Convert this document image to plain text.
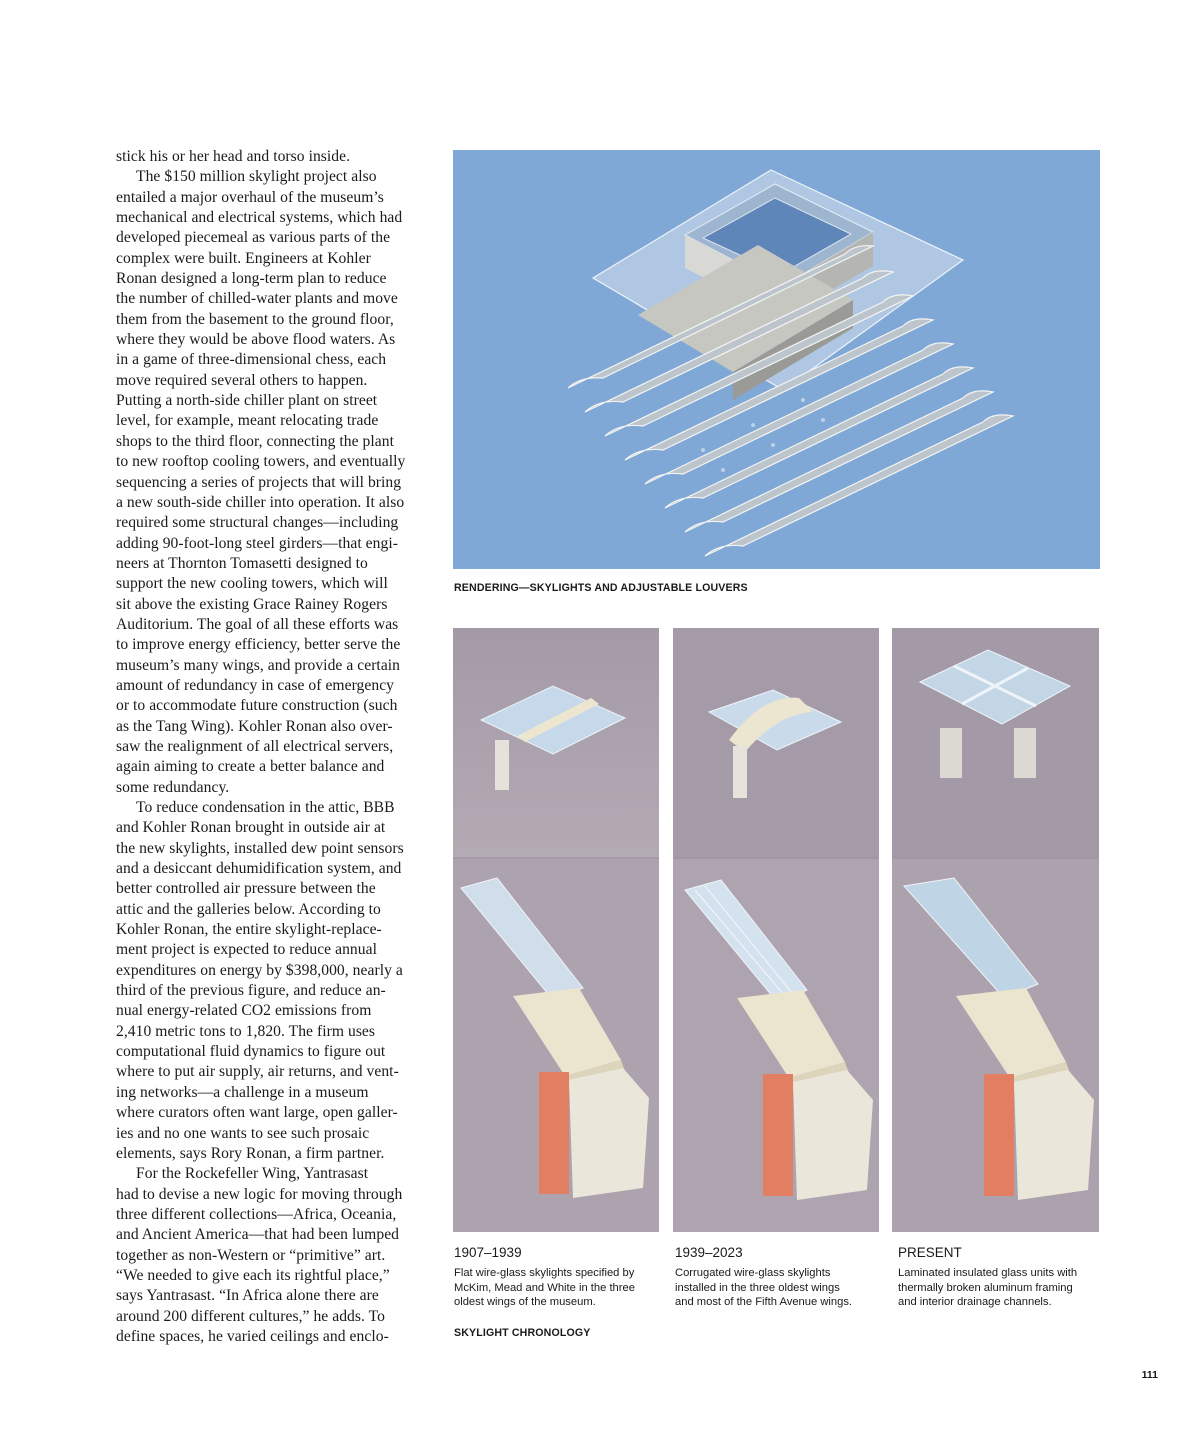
stick his or her head and torso inside.
The $150 million skylight project also
entailed a major overhaul of the museum’s
mechanical and electrical systems, which had
developed piecemeal as various parts of the
complex were built. Engineers at Kohler
Ronan designed a long-term plan to reduce
the number of chilled-water plants and move
them from the basement to the ground floor,
where they would be above flood waters. As
in a game of three-dimensional chess, each
move required several others to happen.
Putting a north-side chiller plant on street
level, for example, meant relocating trade
shops to the third floor, connecting the plant
to new rooftop cooling towers, and eventually
sequencing a series of projects that will bring
a new south-side chiller into operation. It also
required some structural changes—including
adding 90-foot-long steel girders—that engi-
neers at Thornton Tomasetti designed to
support the new cooling towers, which will
sit above the existing Grace Rainey Rogers
Auditorium. The goal of all these efforts was
to improve energy efficiency, better serve the
museum’s many wings, and provide a certain
amount of redundancy in case of emergency
or to accommodate future construction (such
as the Tang Wing). Kohler Ronan also over-
saw the realignment of all electrical servers,
again aiming to create a better balance and
some redundancy.
To reduce condensation in the attic, BBB
and Kohler Ronan brought in outside air at
the new skylights, installed dew point sensors
and a desiccant dehumidification system, and
better controlled air pressure between the
attic and the galleries below. According to
Kohler Ronan, the entire skylight-replace-
ment project is expected to reduce annual
expenditures on energy by $398,000, nearly a
third of the previous figure, and reduce an-
nual energy-related CO2 emissions from
2,410 metric tons to 1,820. The firm uses
computational fluid dynamics to figure out
where to put air supply, air returns, and vent-
ing networks—a challenge in a museum
where curators often want large, open galler-
ies and no one wants to see such prosaic
elements, says Rory Ronan, a firm partner.
For the Rockefeller Wing, Yantrasast
had to devise a new logic for moving through
three different collections—Africa, Oceania,
and Ancient America—that had been lumped
together as non-Western or “primitive” art.
“We needed to give each its rightful place,”
says Yantrasast. “In Africa alone there are
around 200 different cultures,” he adds. To
define spaces, he varied ceilings and enclo-
RENDERING—SKYLIGHTS AND ADJUSTABLE LOUVERS
1907–1939	1939–2023	PRESENT
Flat wire-glass skylights specified by
McKim, Mead and White in the three
oldest wings of the museum.
Corrugated wire-glass skylights
installed in the three oldest wings
and most of the Fifth Avenue wings.
Laminated insulated glass units with
thermally broken aluminum framing
and interior drainage channels.
SKYLIGHT CHRONOLOGY
111
